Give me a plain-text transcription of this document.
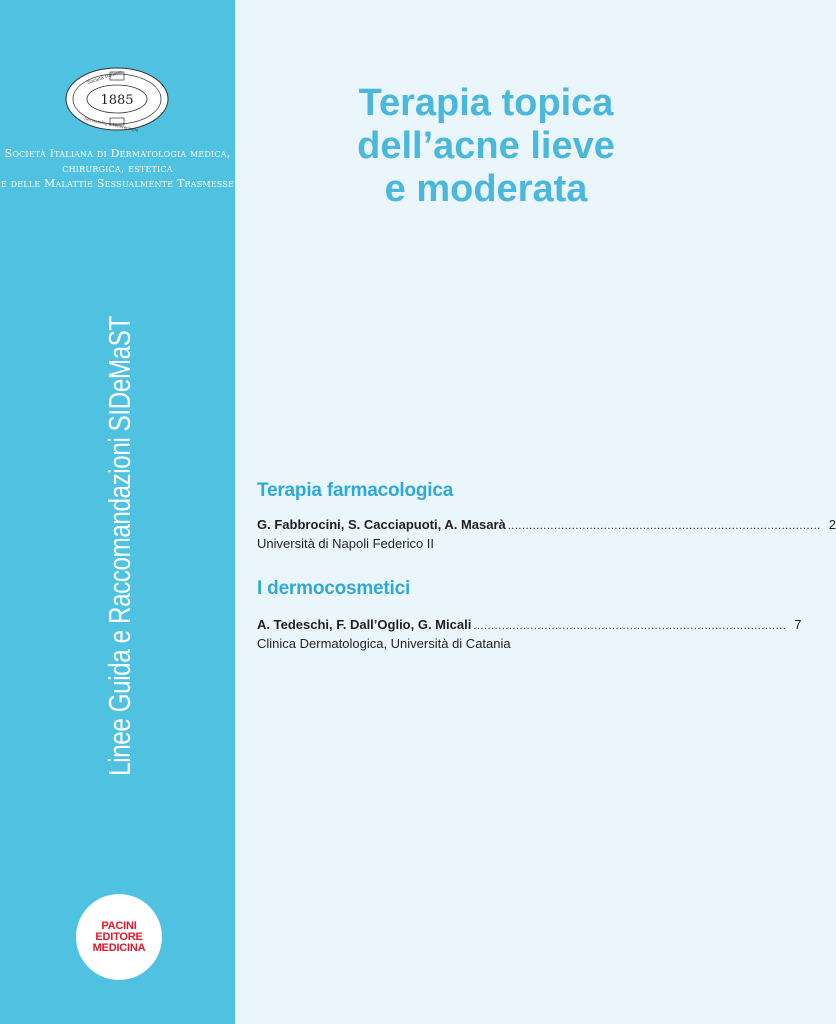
1885
Società Italiana
Dermatologia Venereologia
Società Italiana di Dermatologia medica,
chirurgica, estetica
e delle Malattie Sessualmente Trasmesse
Linee Guida e Raccomandazioni SIDeMaST
PACINI
EDITORE
MEDICINA
Terapia topica
dell’acne lieve
e moderata
Terapia farmacologica
G. Fabbrocini, S. Cacciapuoti, A. Masarà ........................................................................................ 2
Università di Napoli Federico II
I dermocosmetici
A. Tedeschi, F. Dall’Oglio, G. Micali ........................................................................................ 7
Clinica Dermatologica, Università di Catania
